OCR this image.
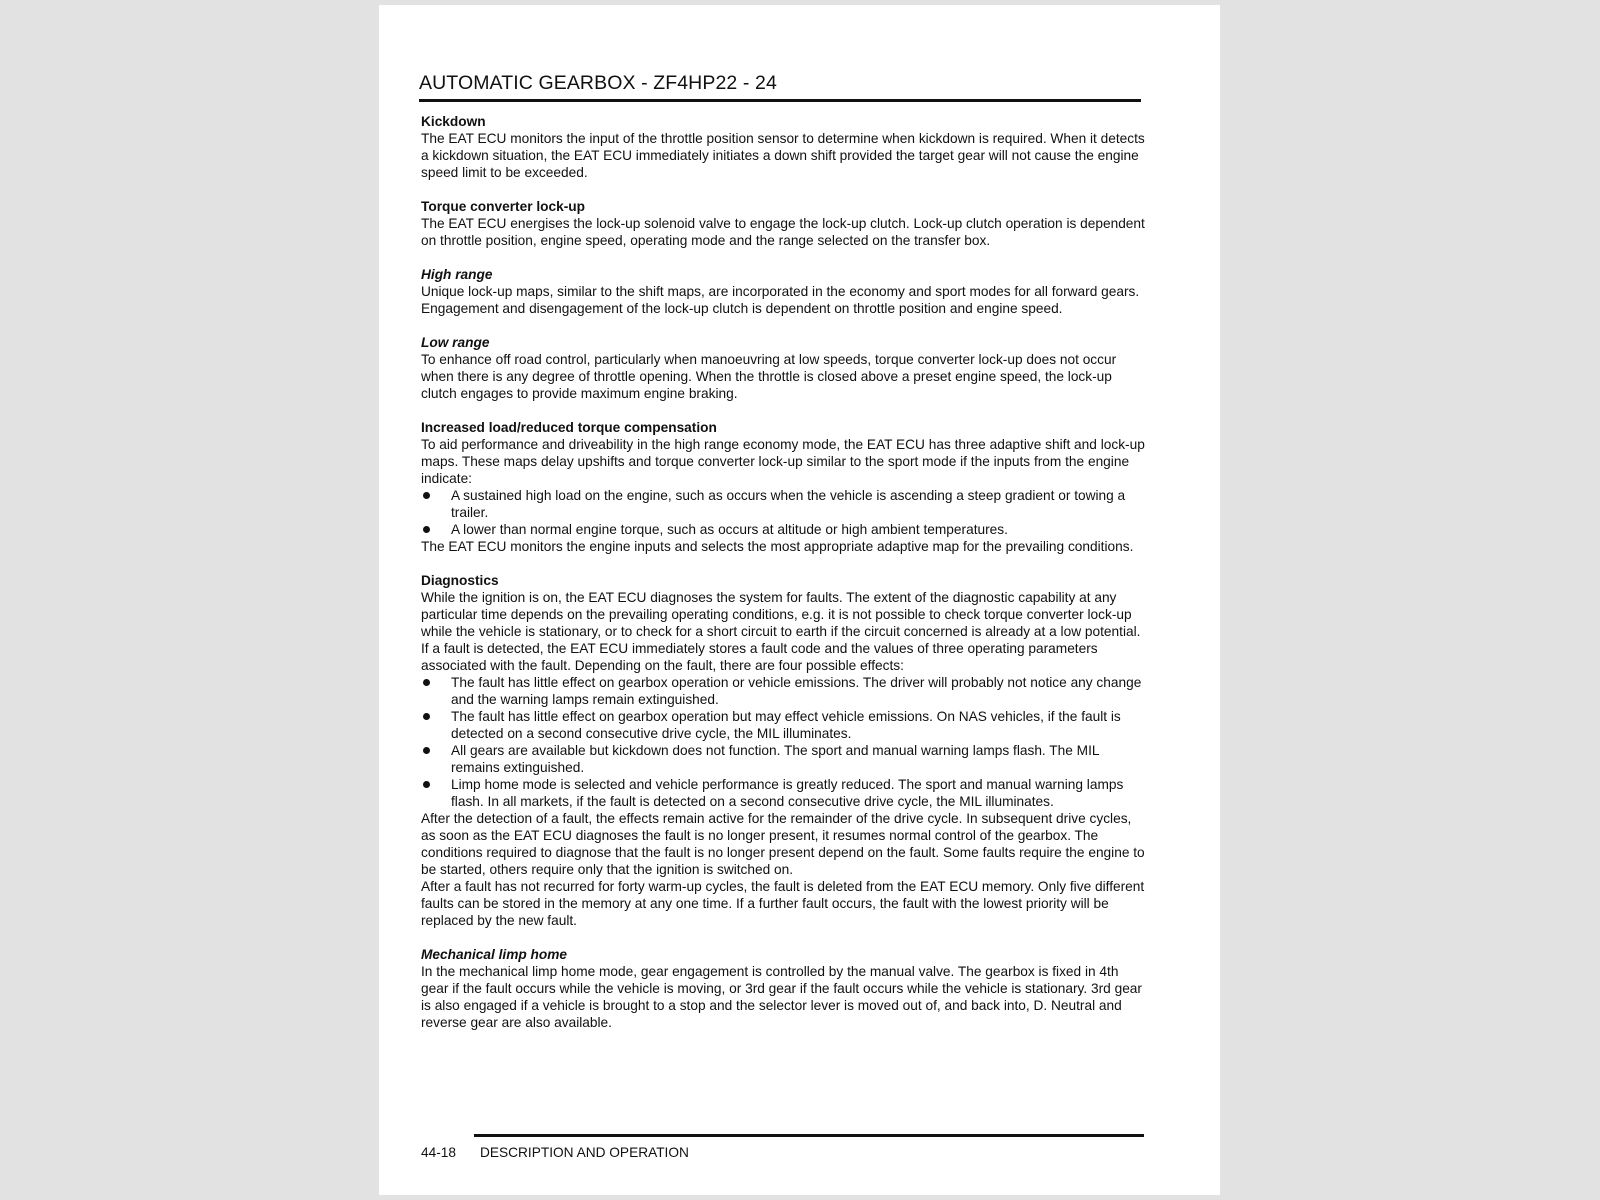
AUTOMATIC GEARBOX - ZF4HP22 - 24

Kickdown

The EAT ECU monitors the input of the throttle position sensor to determine when kickdown is required. When it detects a kickdown situation, the EAT ECU immediately initiates a down shift provided the target gear will not cause the engine speed limit to be exceeded.

Torque converter lock-up

The EAT ECU energises the lock-up solenoid valve to engage the lock-up clutch. Lock-up clutch operation is dependent on throttle position, engine speed, operating mode and the range selected on the transfer box.

High range

Unique lock-up maps, similar to the shift maps, are incorporated in the economy and sport modes for all forward gears. Engagement and disengagement of the lock-up clutch is dependent on throttle position and engine speed.

Low range

To enhance off road control, particularly when manoeuvring at low speeds, torque converter lock-up does not occur when there is any degree of throttle opening. When the throttle is closed above a preset engine speed, the lock-up clutch engages to provide maximum engine braking.

Increased load/reduced torque compensation

To aid performance and driveability in the high range economy mode, the EAT ECU has three adaptive shift and lock-up maps. These maps delay upshifts and torque converter lock-up similar to the sport mode if the inputs from the engine indicate:

A sustained high load on the engine, such as occurs when the vehicle is ascending a steep gradient or towing a trailer.
A lower than normal engine torque, such as occurs at altitude or high ambient temperatures.

The EAT ECU monitors the engine inputs and selects the most appropriate adaptive map for the prevailing conditions.

Diagnostics

While the ignition is on, the EAT ECU diagnoses the system for faults. The extent of the diagnostic capability at any particular time depends on the prevailing operating conditions, e.g. it is not possible to check torque converter lock-up while the vehicle is stationary, or to check for a short circuit to earth if the circuit concerned is already at a low potential.

If a fault is detected, the EAT ECU immediately stores a fault code and the values of three operating parameters associated with the fault. Depending on the fault, there are four possible effects:

The fault has little effect on gearbox operation or vehicle emissions. The driver will probably not notice any change and the warning lamps remain extinguished.
The fault has little effect on gearbox operation but may effect vehicle emissions. On NAS vehicles, if the fault is detected on a second consecutive drive cycle, the MIL illuminates.
All gears are available but kickdown does not function. The sport and manual warning lamps flash. The MIL remains extinguished.
Limp home mode is selected and vehicle performance is greatly reduced. The sport and manual warning lamps flash. In all markets, if the fault is detected on a second consecutive drive cycle, the MIL illuminates.

After the detection of a fault, the effects remain active for the remainder of the drive cycle. In subsequent drive cycles, as soon as the EAT ECU diagnoses the fault is no longer present, it resumes normal control of the gearbox. The conditions required to diagnose that the fault is no longer present depend on the fault. Some faults require the engine to be started, others require only that the ignition is switched on.

After a fault has not recurred for forty warm-up cycles, the fault is deleted from the EAT ECU memory. Only five different faults can be stored in the memory at any one time. If a further fault occurs, the fault with the lowest priority will be replaced by the new fault.

Mechanical limp home

In the mechanical limp home mode, gear engagement is controlled by the manual valve. The gearbox is fixed in 4th gear if the fault occurs while the vehicle is moving, or 3rd gear if the fault occurs while the vehicle is stationary. 3rd gear is also engaged if a vehicle is brought to a stop and the selector lever is moved out of, and back into, D. Neutral and reverse gear are also available.

44-18 DESCRIPTION AND OPERATION
